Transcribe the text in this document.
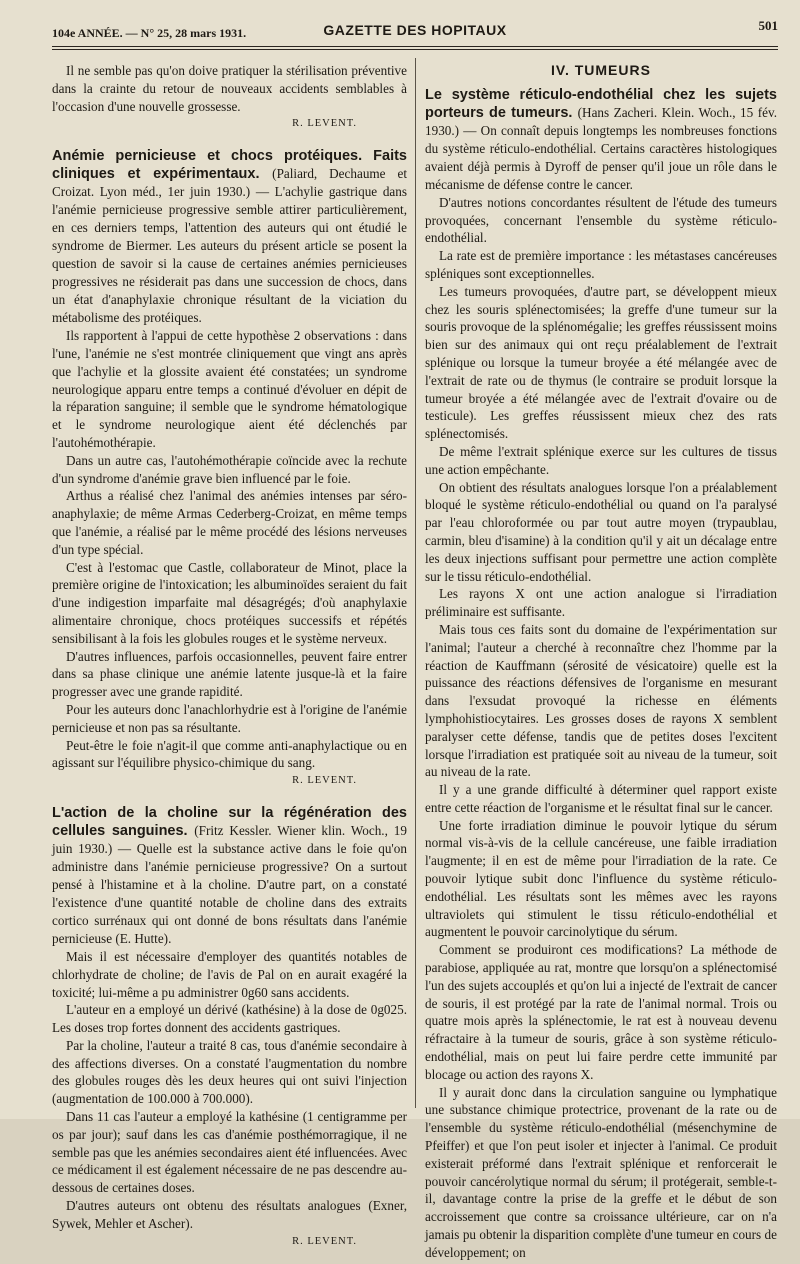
104e ANNÉE. — N° 25, 28 mars 1931.	GAZETTE DES HOPITAUX	501

Il ne semble pas qu'on doive pratiquer la stérilisation préventive dans la crainte du retour de nouveaux accidents semblables à l'occasion d'une nouvelle grossesse.

R. LEVENT.

Anémie pernicieuse et chocs protéiques. Faits cliniques et expérimentaux. (Paliard, Dechaume et Croizat. Lyon méd., 1er juin 1930.) — L'achylie gastrique dans l'anémie pernicieuse progressive semble attirer particulièrement, en ces derniers temps, l'attention des auteurs qui ont étudié le syndrome de Biermer. Les auteurs du présent article se posent la question de savoir si la cause de certaines anémies pernicieuses progressives ne résiderait pas dans une succession de chocs, dans un état d'anaphylaxie chronique résultant de la viciation du métabolisme des protéiques.

Ils rapportent à l'appui de cette hypothèse 2 observations : dans l'une, l'anémie ne s'est montrée cliniquement que vingt ans après que l'achylie et la glossite avaient été constatées; un syndrome neurologique apparu entre temps a continué d'évoluer en dépit de la réparation sanguine; il semble que le syndrome hématologique et le syndrome neurologique aient été déclenchés par l'autohémothérapie.

Dans un autre cas, l'autohémothérapie coïncide avec la rechute d'un syndrome d'anémie grave bien influencé par le foie.

Arthus a réalisé chez l'animal des anémies intenses par séro-anaphylaxie; de même Armas Cederberg-Croizat, en même temps que l'anémie, a réalisé par le même procédé des lésions nerveuses d'un type spécial.

C'est à l'estomac que Castle, collaborateur de Minot, place la première origine de l'intoxication; les albuminoïdes seraient du fait d'une indigestion imparfaite mal désagrégés; d'où anaphylaxie alimentaire chronique, chocs protéiques successifs et répétés sensibilisant à la fois les globules rouges et le système nerveux.

D'autres influences, parfois occasionnelles, peuvent faire entrer dans sa phase clinique une anémie latente jusque-là et la faire progresser avec une grande rapidité.

Pour les auteurs donc l'anachlorhydrie est à l'origine de l'anémie pernicieuse et non pas sa résultante.

Peut-être le foie n'agit-il que comme anti-anaphylactique ou en agissant sur l'équilibre physico-chimique du sang.

R. LEVENT.

L'action de la choline sur la régénération des cellules sanguines. (Fritz Kessler. Wiener klin. Woch., 19 juin 1930.) — Quelle est la substance active dans le foie qu'on administre dans l'anémie pernicieuse progressive? On a surtout pensé à l'histamine et à la choline. D'autre part, on a constaté l'existence d'une quantité notable de choline dans des extraits cortico surrénaux qui ont donné de bons résultats dans l'anémie pernicieuse (E. Hutte).

Mais il est nécessaire d'employer des quantités notables de chlorhydrate de choline; de l'avis de Pal on en aurait exagéré la toxicité; lui-même a pu administrer 0g60 sans accidents.

L'auteur en a employé un dérivé (kathésine) à la dose de 0g025. Les doses trop fortes donnent des accidents gastriques.

Par la choline, l'auteur a traité 8 cas, tous d'anémie secondaire à des affections diverses. On a constaté l'augmentation du nombre des globules rouges dès les deux heures qui ont suivi l'injection (augmentation de 100.000 à 700.000).

Dans 11 cas l'auteur a employé la kathésine (1 centigramme per os par jour); sauf dans les cas d'anémie posthémorragique, il ne semble pas que les anémies secondaires aient été influencées. Avec ce médicament il est également nécessaire de ne pas descendre au-dessous de certaines doses.

D'autres auteurs ont obtenu des résultats analogues (Exner, Sywek, Mehler et Ascher).

R. LEVENT.

IV. TUMEURS

Le système réticulo-endothélial chez les sujets porteurs de tumeurs. (Hans Zacheri. Klein. Woch., 15 fév. 1930.) — On connaît depuis longtemps les nombreuses fonctions du système réticulo-endothélial. Certains caractères histologiques avaient déjà permis à Dyroff de penser qu'il joue un rôle dans le mécanisme de défense contre le cancer.

D'autres notions concordantes résultent de l'étude des tumeurs provoquées, concernant l'ensemble du système réticulo-endothélial.

La rate est de première importance : les métastases cancéreuses spléniques sont exceptionnelles.

Les tumeurs provoquées, d'autre part, se développent mieux chez les souris splénectomisées; la greffe d'une tumeur sur la souris provoque de la splénomégalie; les greffes réussissent moins bien sur des animaux qui ont reçu préalablement de l'extrait splénique ou lorsque la tumeur broyée a été mélangée avec de l'extrait de rate ou de thymus (le contraire se produit lorsque la tumeur broyée a été mélangée avec de l'extrait d'ovaire ou de testicule). Les greffes réussissent mieux chez des rats splénectomisés.

De même l'extrait splénique exerce sur les cultures de tissus une action empêchante.

On obtient des résultats analogues lorsque l'on a préalablement bloqué le système réticulo-endothélial ou quand on l'a paralysé par l'eau chloroformée ou par tout autre moyen (trypaublau, carmin, bleu d'isamine) à la condition qu'il y ait un décalage entre les deux injections suffisant pour permettre une action complète sur le tissu réticulo-endothélial.

Les rayons X ont une action analogue si l'irradiation préliminaire est suffisante.

Mais tous ces faits sont du domaine de l'expérimentation sur l'animal; l'auteur a cherché à reconnaître chez l'homme par la réaction de Kauffmann (sérosité de vésicatoire) quelle est la puissance des réactions défensives de l'organisme en mesurant dans l'exsudat provoqué la richesse en éléments lymphohistiocytaires. Les grosses doses de rayons X semblent paralyser cette défense, tandis que de petites doses l'excitent lorsque l'irradiation est pratiquée soit au niveau de la tumeur, soit au niveau de la rate.

Il y a une grande difficulté à déterminer quel rapport existe entre cette réaction de l'organisme et le résultat final sur le cancer.

Une forte irradiation diminue le pouvoir lytique du sérum normal vis-à-vis de la cellule cancéreuse, une faible irradiation l'augmente; il en est de même pour l'irradiation de la rate. Ce pouvoir lytique subit donc l'influence du système réticulo-endothélial. Les résultats sont les mêmes avec les rayons ultraviolets qui stimulent le tissu réticulo-endothélial et augmentent le pouvoir carcinolytique du sérum.

Comment se produiront ces modifications? La méthode de parabiose, appliquée au rat, montre que lorsqu'on a splénectomisé l'un des sujets accouplés et qu'on lui a injecté de l'extrait de cancer de souris, il est protégé par la rate de l'animal normal. Trois ou quatre mois après la splénectomie, le rat est à nouveau devenu réfractaire à la tumeur de souris, grâce à son système réticulo-endothélial, mais on peut lui faire perdre cette immunité par blocage ou action des rayons X.

Il y aurait donc dans la circulation sanguine ou lymphatique une substance chimique protectrice, provenant de la rate ou de l'ensemble du système réticulo-endothélial (mésenchymine de Pfeiffer) et que l'on peut isoler et injecter à l'animal. Ce produit existerait préformé dans l'extrait splénique et renforcerait le pouvoir cancérolytique normal du sérum; il protégerait, semble-t-il, davantage contre la prise de la greffe et le début de son accroissement que contre sa croissance ultérieure, car on n'a jamais pu obtenir la disparition complète d'une tumeur en cours de développement; on
